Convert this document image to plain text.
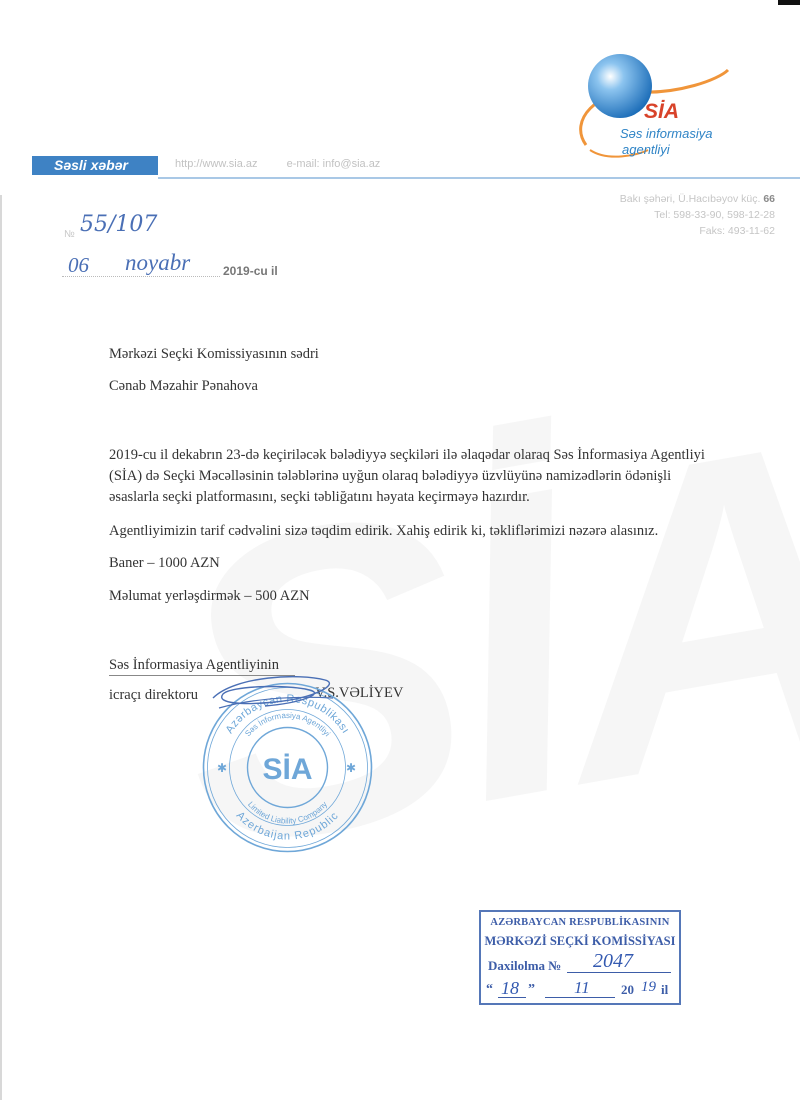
SİA
Səs informasiya
agentliyi
Səsli xəbər	http://www.sia.az	e-mail: info@sia.az
Bakı şəhəri, Ü.Hacıbəyov küç. 66
Tel: 598-33-90, 598-12-28
Faks: 493-11-62
№ 55/107
06 noyabr	2019-cu il
Mərkəzi Seçki Komissiyasının sədri
Cənab Məzahir Pənahova
2019-cu il dekabrın 23-də keçiriləcək bələdiyyə seçkiləri ilə əlaqədar olaraq Səs İnformasiya Agentliyi (SİA) də Seçki Məcəlləsinin tələblərinə uyğun olaraq bələdiyyə üzvlüyünə namizədlərin ödənişli əsaslarla seçki platformasını, seçki təbliğatını həyata keçirməyə hazırdır.
Agentliyimizin tarif cədvəlini sizə təqdim edirik. Xahiş edirik ki, təkliflərimizi nəzərə alasınız.
Baner – 1000 AZN
Məlumat yerləşdirmək – 500 AZN
Səs İnformasiya Agentliyinin
icraçı direktoru	V.S.VƏLİYEV
Azərbaycan Respublikası
Səs İnformasiya Agentliyi
Azerbaijan Republic
Limited Liability Company
SİA
✱	✱
AZƏRBAYCAN RESPUBLİKASININ
MƏRKƏZİ SEÇKİ KOMİSSİYASI
Daxilolma № 2047
“ 18 ” 11 20 19 il
